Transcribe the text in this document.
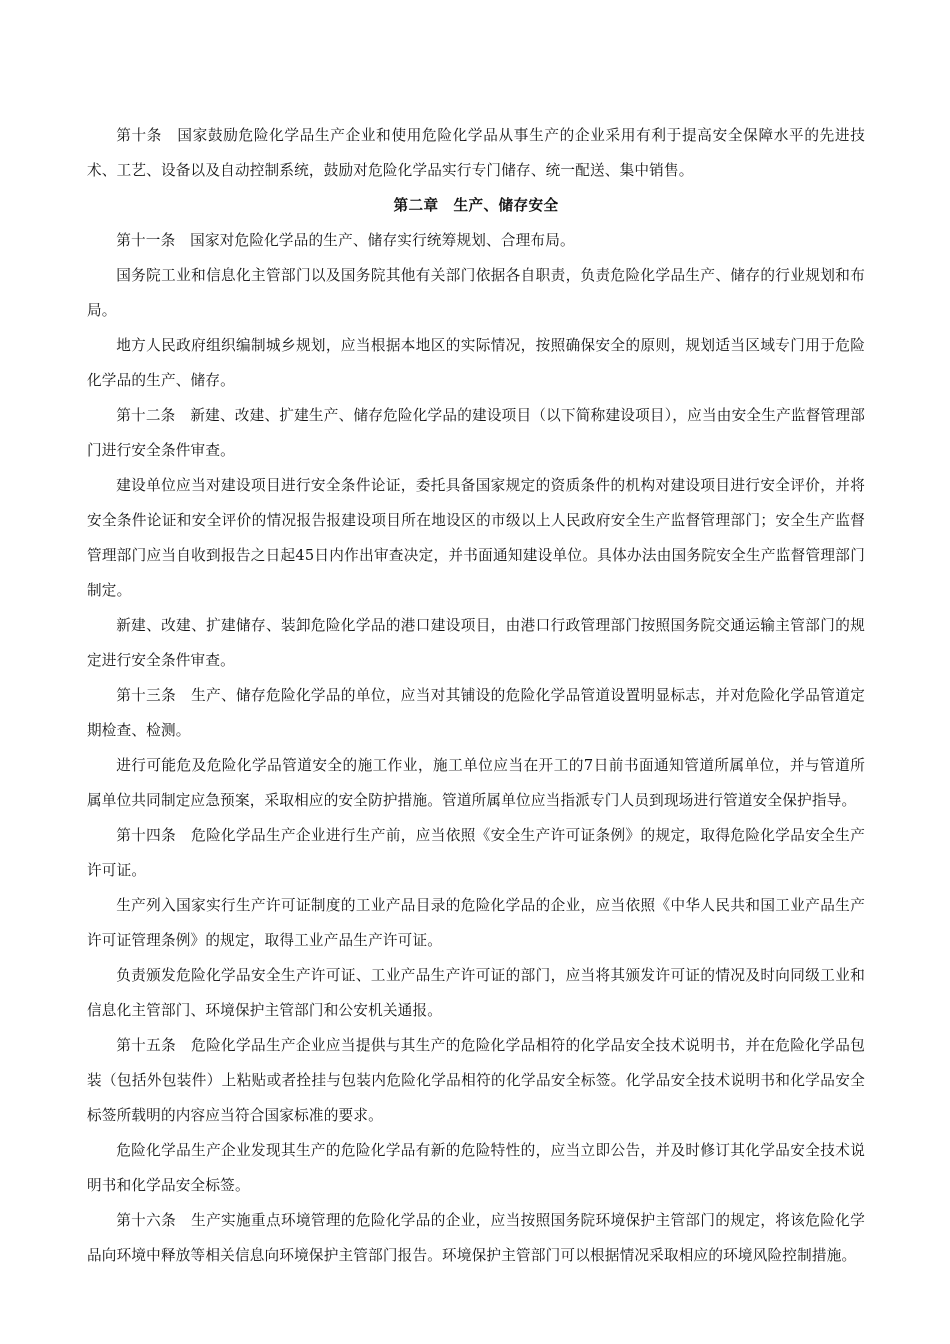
第十条　国家鼓励危险化学品生产企业和使用危险化学品从事生产的企业采用有利于提高安全保障水平的先进技术、工艺、设备以及自动控制系统，鼓励对危险化学品实行专门储存、统一配送、集中销售。

第二章　生产、储存安全

第十一条　国家对危险化学品的生产、储存实行统筹规划、合理布局。

国务院工业和信息化主管部门以及国务院其他有关部门依据各自职责，负责危险化学品生产、储存的行业规划和布局。

地方人民政府组织编制城乡规划，应当根据本地区的实际情况，按照确保安全的原则，规划适当区域专门用于危险化学品的生产、储存。

第十二条　新建、改建、扩建生产、储存危险化学品的建设项目（以下简称建设项目），应当由安全生产监督管理部门进行安全条件审查。

建设单位应当对建设项目进行安全条件论证，委托具备国家规定的资质条件的机构对建设项目进行安全评价，并将安全条件论证和安全评价的情况报告报建设项目所在地设区的市级以上人民政府安全生产监督管理部门；安全生产监督管理部门应当自收到报告之日起45日内作出审查决定，并书面通知建设单位。具体办法由国务院安全生产监督管理部门制定。

新建、改建、扩建储存、装卸危险化学品的港口建设项目，由港口行政管理部门按照国务院交通运输主管部门的规定进行安全条件审查。

第十三条　生产、储存危险化学品的单位，应当对其铺设的危险化学品管道设置明显标志，并对危险化学品管道定期检查、检测。

进行可能危及危险化学品管道安全的施工作业，施工单位应当在开工的7日前书面通知管道所属单位，并与管道所属单位共同制定应急预案，采取相应的安全防护措施。管道所属单位应当指派专门人员到现场进行管道安全保护指导。

第十四条　危险化学品生产企业进行生产前，应当依照《安全生产许可证条例》的规定，取得危险化学品安全生产许可证。

生产列入国家实行生产许可证制度的工业产品目录的危险化学品的企业，应当依照《中华人民共和国工业产品生产许可证管理条例》的规定，取得工业产品生产许可证。

负责颁发危险化学品安全生产许可证、工业产品生产许可证的部门，应当将其颁发许可证的情况及时向同级工业和信息化主管部门、环境保护主管部门和公安机关通报。

第十五条　危险化学品生产企业应当提供与其生产的危险化学品相符的化学品安全技术说明书，并在危险化学品包装（包括外包装件）上粘贴或者拴挂与包装内危险化学品相符的化学品安全标签。化学品安全技术说明书和化学品安全标签所载明的内容应当符合国家标准的要求。

危险化学品生产企业发现其生产的危险化学品有新的危险特性的，应当立即公告，并及时修订其化学品安全技术说明书和化学品安全标签。

第十六条　生产实施重点环境管理的危险化学品的企业，应当按照国务院环境保护主管部门的规定，将该危险化学品向环境中释放等相关信息向环境保护主管部门报告。环境保护主管部门可以根据情况采取相应的环境风险控制措施。
